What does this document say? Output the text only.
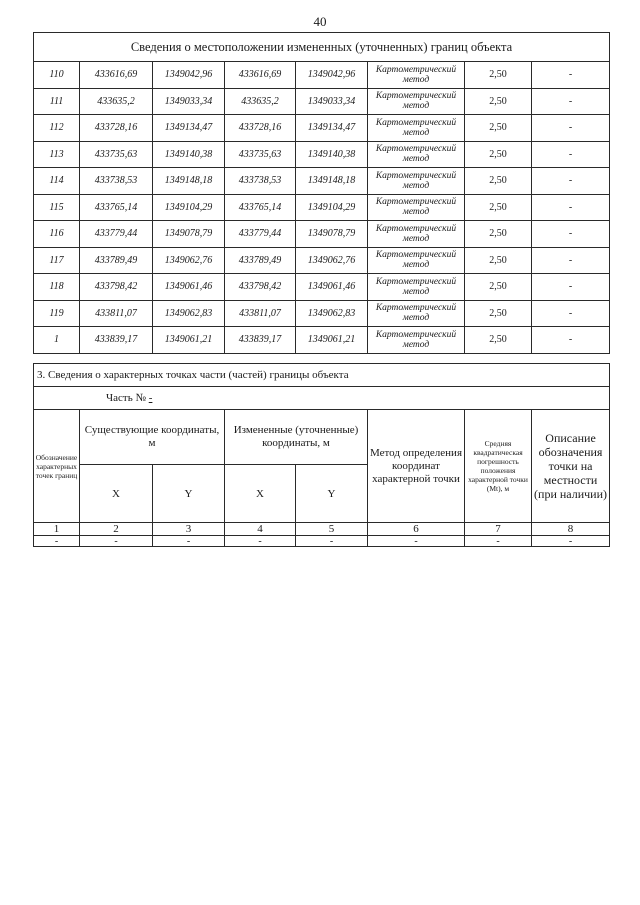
40
Сведения о местоположении измененных (уточненных) границ объекта							
110	433616,69	1349042,96	433616,69	1349042,96	Картометрический метод	2,50	-
111	433635,2	1349033,34	433635,2	1349033,34	Картометрический метод	2,50	-
112	433728,16	1349134,47	433728,16	1349134,47	Картометрический метод	2,50	-
113	433735,63	1349140,38	433735,63	1349140,38	Картометрический метод	2,50	-
114	433738,53	1349148,18	433738,53	1349148,18	Картометрический метод	2,50	-
115	433765,14	1349104,29	433765,14	1349104,29	Картометрический метод	2,50	-
116	433779,44	1349078,79	433779,44	1349078,79	Картометрический метод	2,50	-
117	433789,49	1349062,76	433789,49	1349062,76	Картометрический метод	2,50	-
118	433798,42	1349061,46	433798,42	1349061,46	Картометрический метод	2,50	-
119	433811,07	1349062,83	433811,07	1349062,83	Картометрический метод	2,50	-
1	433839,17	1349061,21	433839,17	1349061,21	Картометрический метод	2,50	-
3. Сведения о характерных точках части (частей) границы объекта							
Часть № -							
Обозначение характерных точек границ	Существующие координаты, м		Измененные (уточненные) координаты, м		Метод определения координат характерной точки	Средняя квадратическая погрешность положения характерной точки (Mt), м	Описание обозначения точки на местности (при наличии)
	X	Y	X	Y			
1	2	3	4	5	6	7	8
-	-	-	-	-	-	-	-
